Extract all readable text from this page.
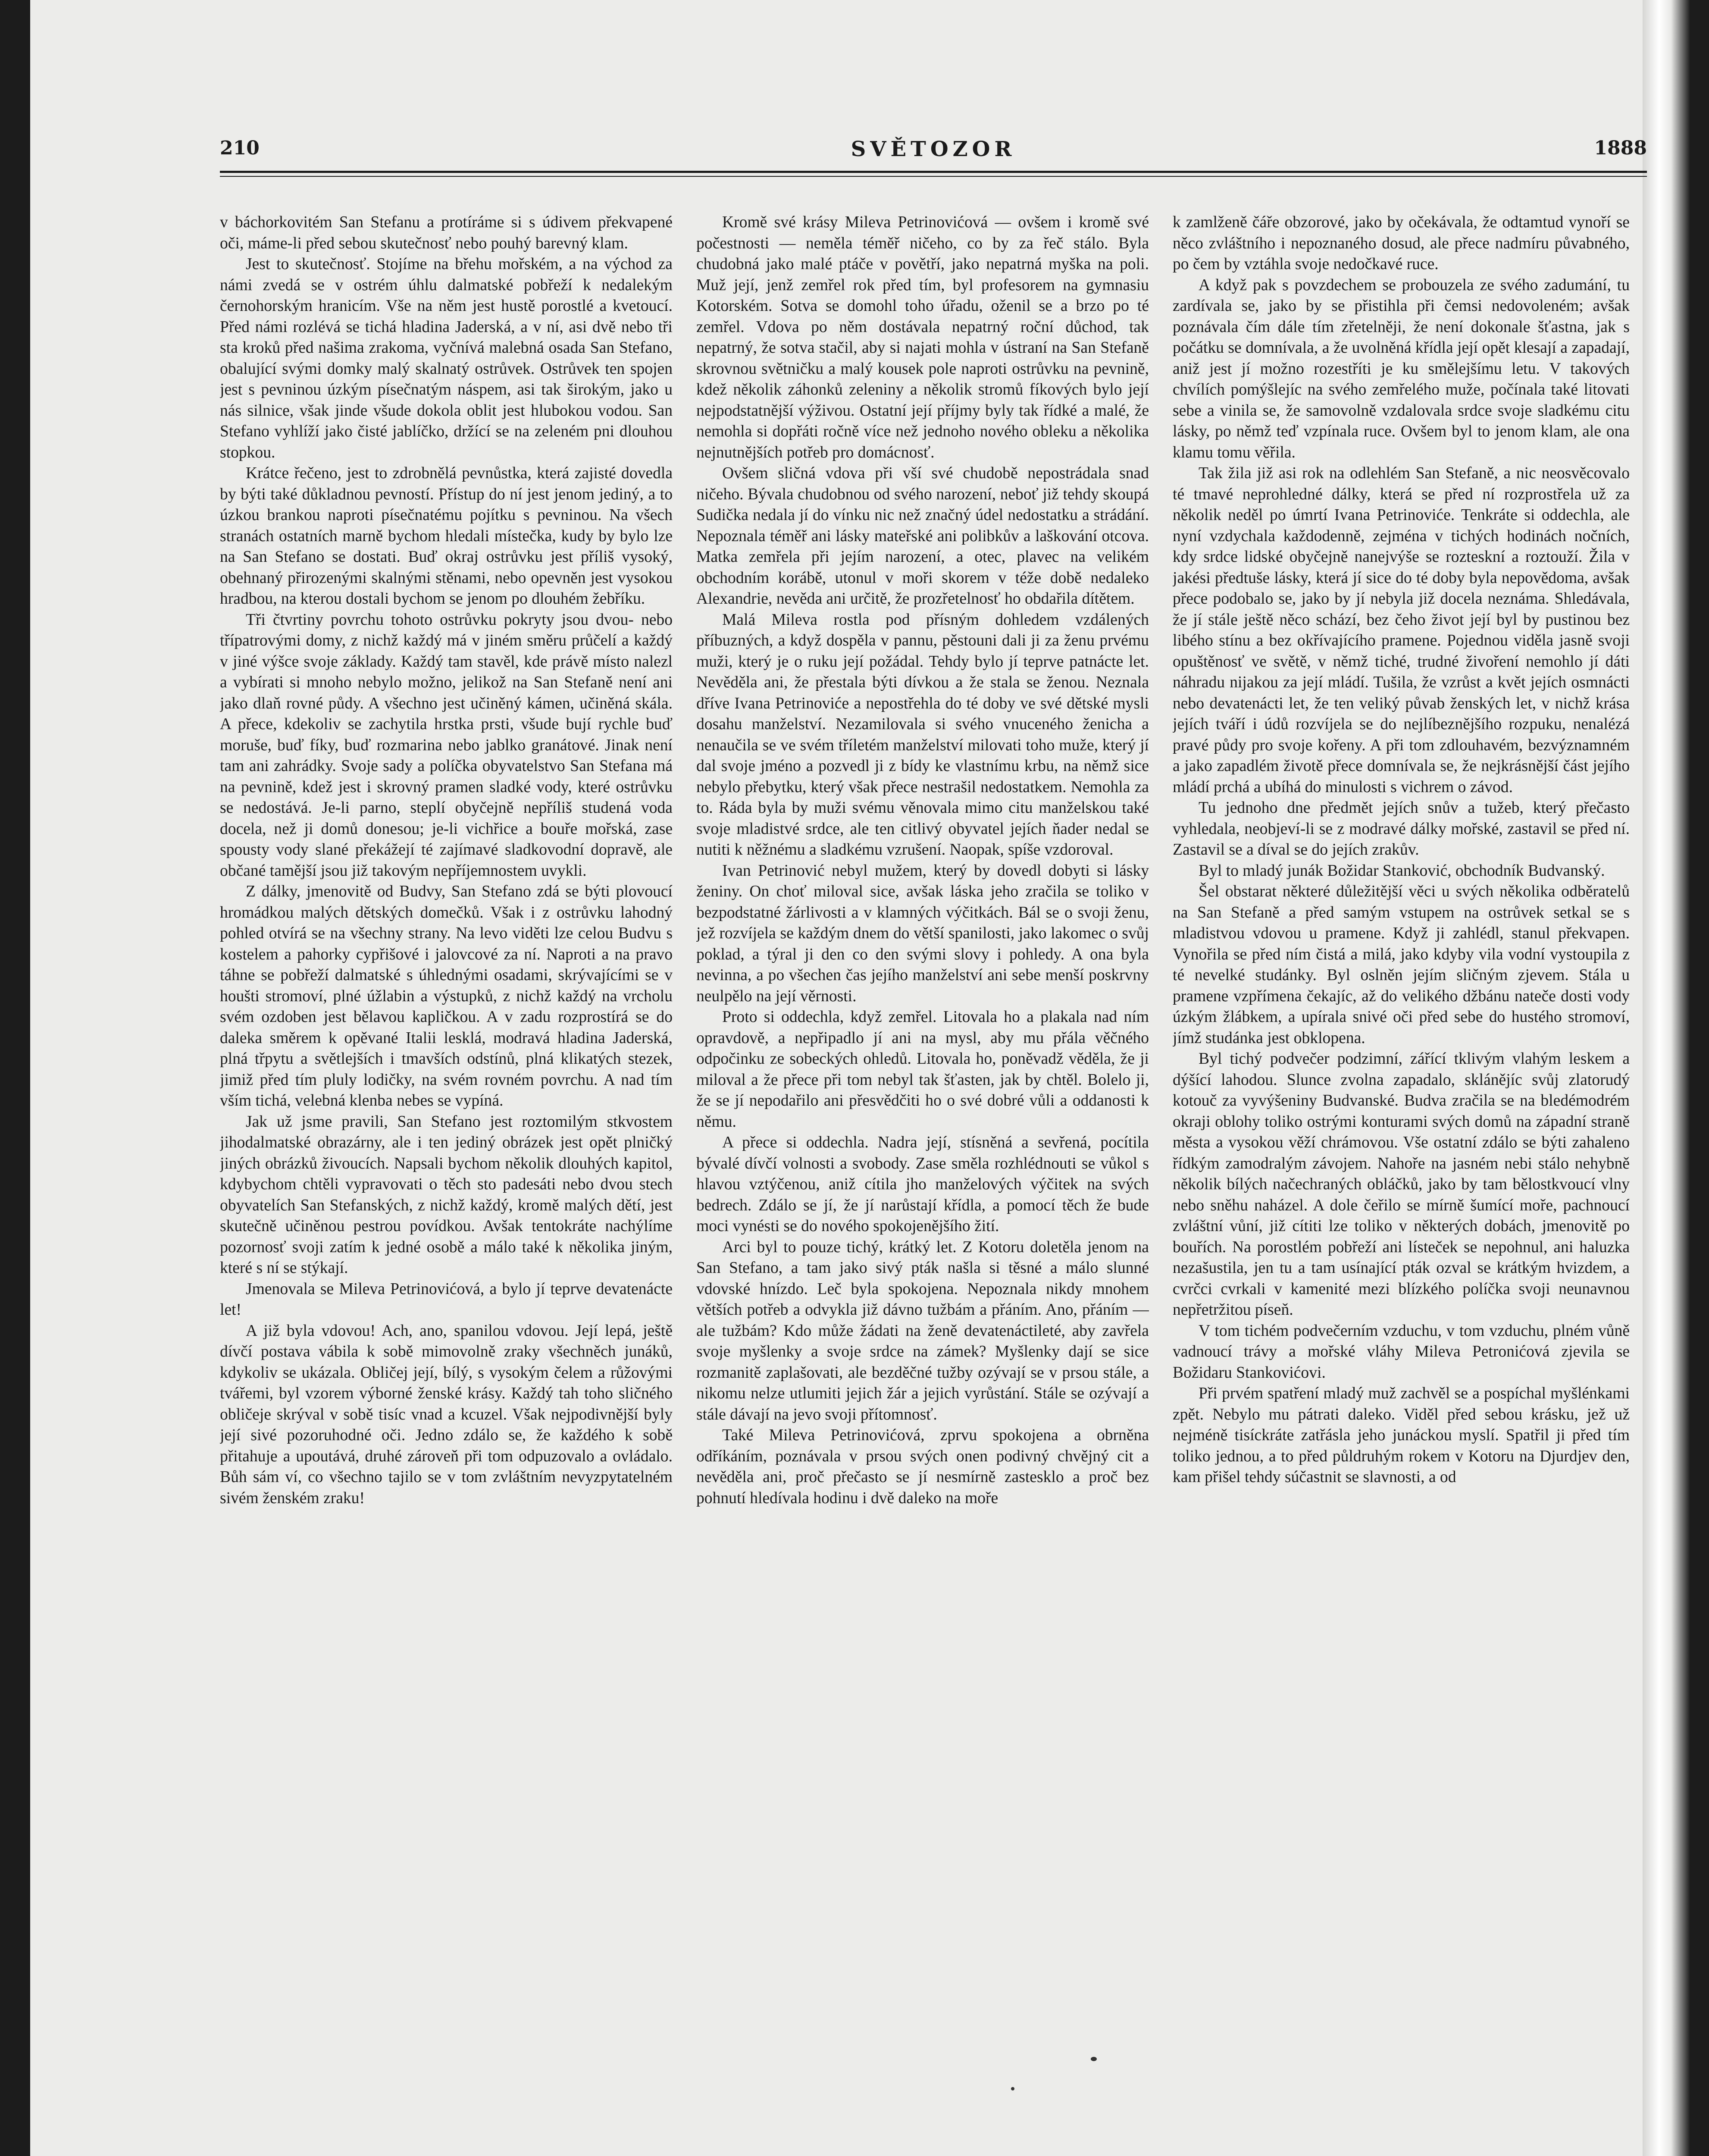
210	SVĚTOZOR	1888

v báchorkovitém San Stefanu a protíráme si s údivem překvapené oči, máme-li před sebou skutečnosť nebo pouhý barevný klam.

Jest to skutečnosť. Stojíme na břehu mořském, a na východ za námi zvedá se v ostrém úhlu dalmatské pobřeží k nedalekým černohorským hranicím. Vše na něm jest hustě porostlé a kvetoucí. Před námi rozlévá se tichá hladina Jaderská, a v ní, asi dvě nebo tři sta kroků před našima zrakoma, vyčnívá malebná osada San Stefano, obalující svými domky malý skalnatý ostrůvek. Ostrůvek ten spojen jest s pevninou úzkým písečnatým náspem, asi tak širokým, jako u nás silnice, však jinde všude dokola oblit jest hlubokou vodou. San Stefano vyhlíží jako čisté jablíčko, držící se na zeleném pni dlouhou stopkou.

Krátce řečeno, jest to zdrobnělá pevnůstka, která zajisté dovedla by býti také důkladnou pevností. Přístup do ní jest jenom jediný, a to úzkou brankou naproti písečnatému pojítku s pevninou. Na všech stranách ostatních marně bychom hledali místečka, kudy by bylo lze na San Stefano se dostati. Buď okraj ostrůvku jest příliš vysoký, obehnaný přirozenými skalnými stěnami, nebo opevněn jest vysokou hradbou, na kterou dostali bychom se jenom po dlouhém žebříku.

Tři čtvrtiny povrchu tohoto ostrůvku pokryty jsou dvou- nebo třípatrovými domy, z nichž každý má v jiném směru průčelí a každý v jiné výšce svoje základy. Každý tam stavěl, kde právě místo nalezl a vybírati si mnoho nebylo možno, jelikož na San Stefaně není ani jako dlaň rovné půdy. A všechno jest učiněný kámen, učiněná skála. A přece, kdekoliv se zachytila hrstka prsti, všude bují rychle buď moruše, buď fíky, buď rozmarina nebo jablko granátové. Jinak není tam ani zahrádky. Svoje sady a políčka obyvatelstvo San Stefana má na pevnině, kdež jest i skrovný pramen sladké vody, které ostrůvku se nedostává. Je-li parno, steplí obyčejně nepříliš studená voda docela, než ji domů donesou; je-li vichřice a bouře mořská, zase spousty vody slané překážejí té zajímavé sladkovodní dopravě, ale občané tamější jsou již takovým nepříjemnostem uvykli.

Z dálky, jmenovitě od Budvy, San Stefano zdá se býti plovoucí hromádkou malých dětských domečků. Však i z ostrůvku lahodný pohled otvírá se na všechny strany. Na levo viděti lze celou Budvu s kostelem a pahorky cypřišové i jalovcové za ní. Naproti a na pravo táhne se pobřeží dalmatské s úhlednými osadami, skrývajícími se v houšti stromoví, plné úžlabin a výstupků, z nichž každý na vrcholu svém ozdoben jest bělavou kapličkou. A v zadu rozprostírá se do daleka směrem k opěvané Italii lesklá, modravá hladina Jaderská, plná třpytu a světlejších i tmavších odstínů, plná klikatých stezek, jimiž před tím pluly lodičky, na svém rovném povrchu. A nad tím vším tichá, velebná klenba nebes se vypíná.

Jak už jsme pravili, San Stefano jest roztomilým stkvostem jihodalmatské obrazárny, ale i ten jediný obrázek jest opět plničký jiných obrázků živoucích. Napsali bychom několik dlouhých kapitol, kdybychom chtěli vypravovati o těch sto padesáti nebo dvou stech obyvatelích San Stefanských, z nichž každý, kromě malých dětí, jest skutečně učiněnou pestrou povídkou. Avšak tentokráte nachýlíme pozornosť svoji zatím k jedné osobě a málo také k několika jiným, které s ní se stýkají.

Jmenovala se Mileva Petrinovićová, a bylo jí teprve devatenácte let!

A již byla vdovou! Ach, ano, spanilou vdovou. Její lepá, ještě dívčí postava vábila k sobě mimovolně zraky všechněch junáků, kdykoliv se ukázala. Obličej její, bílý, s vysokým čelem a růžovými tvářemi, byl vzorem výborné ženské krásy. Každý tah toho sličného obličeje skrýval v sobě tisíc vnad a kcuzel. Však nejpodivnější byly její sivé pozoruhodné oči. Jedno zdálo se, že každého k sobě přitahuje a upoutává, druhé zároveň při tom odpuzovalo a ovládalo. Bůh sám ví, co všechno tajilo se v tom zvláštním nevyzpytatelném sivém ženském zraku!

Kromě své krásy Mileva Petrinovićová — ovšem i kromě své počestnosti — neměla téměř ničeho, co by za řeč stálo. Byla chudobná jako malé ptáče v povětří, jako nepatrná myška na poli. Muž její, jenž zemřel rok před tím, byl profesorem na gymnasiu Kotorském. Sotva se domohl toho úřadu, oženil se a brzo po té zemřel. Vdova po něm dostávala nepatrný roční důchod, tak nepatrný, že sotva stačil, aby si najati mohla v ústraní na San Stefaně skrovnou světničku a malý kousek pole naproti ostrůvku na pevnině, kdež několik záhonků zeleniny a několik stromů fíkových bylo její nejpodstatnější výživou. Ostatní její příjmy byly tak řídké a malé, že nemohla si dopřáti ročně více než jednoho nového obleku a několika nejnutnějších potřeb pro domácnosť.

Ovšem sličná vdova při vší své chudobě nepostrádala snad ničeho. Bývala chudobnou od svého narození, neboť již tehdy skoupá Sudička nedala jí do vínku nic než značný údel nedostatku a strádání. Nepoznala téměř ani lásky mateřské ani polibkův a laškování otcova. Matka zemřela při jejím narození, a otec, plavec na velikém obchodním korábě, utonul v moři skorem v téže době nedaleko Alexandrie, nevěda ani určitě, že prozřetelnosť ho obdařila dítětem.

Malá Mileva rostla pod přísným dohledem vzdálených příbuzných, a když dospěla v pannu, pěstouni dali ji za ženu prvému muži, který je o ruku její požádal. Tehdy bylo jí teprve patnácte let. Nevěděla ani, že přestala býti dívkou a že stala se ženou. Neznala dříve Ivana Petrinoviće a nepostřehla do té doby ve své dětské mysli dosahu manželství. Nezamilovala si svého vnuceného ženicha a nenaučila se ve svém tříletém manželství milovati toho muže, který jí dal svoje jméno a pozvedl ji z bídy ke vlastnímu krbu, na němž sice nebylo přebytku, který však přece nestrašil nedostatkem. Nemohla za to. Ráda byla by muži svému věnovala mimo citu manželskou také svoje mladistvé srdce, ale ten citlivý obyvatel jejích ňader nedal se nutiti k něžnému a sladkému vzrušení. Naopak, spíše vzdoroval.

Ivan Petrinović nebyl mužem, který by dovedl dobyti si lásky ženiny. On choť miloval sice, avšak láska jeho zračila se toliko v bezpodstatné žárlivosti a v klamných výčitkách. Bál se o svoji ženu, jež rozvíjela se každým dnem do větší spanilosti, jako lakomec o svůj poklad, a týral ji den co den svými slovy i pohledy. A ona byla nevinna, a po všechen čas jejího manželství ani sebe menší poskrvny neulpělo na její věrnosti.

Proto si oddechla, když zemřel. Litovala ho a plakala nad ním opravdově, a nepřipadlo jí ani na mysl, aby mu přála věčného odpočinku ze sobeckých ohledů. Litovala ho, poněvadž věděla, že ji miloval a že přece při tom nebyl tak šťasten, jak by chtěl. Bolelo ji, že se jí nepodařilo ani přesvědčiti ho o své dobré vůli a oddanosti k němu.

A přece si oddechla. Nadra její, stísněná a sevřená, pocítila bývalé dívčí volnosti a svobody. Zase směla rozhlédnouti se vůkol s hlavou vztýčenou, aniž cítila jho manželových výčitek na svých bedrech. Zdálo se jí, že jí narůstají křídla, a pomocí těch že bude moci vynésti se do nového spokojenějšího žití.

Arci byl to pouze tichý, krátký let. Z Kotoru doletěla jenom na San Stefano, a tam jako sivý pták našla si těsné a málo slunné vdovské hnízdo. Leč byla spokojena. Nepoznala nikdy mnohem větších potřeb a odvykla již dávno tužbám a přáním. Ano, přáním — ale tužbám? Kdo může žádati na ženě devatenáctileté, aby zavřela svoje myšlenky a svoje srdce na zámek? Myšlenky dají se sice rozmanitě zaplašovati, ale bezděčné tužby ozývají se v prsou stále, a nikomu nelze utlumiti jejich žár a jejich vyrůstání. Stále se ozývají a stále dávají na jevo svoji přítomnosť.

Také Mileva Petrinovićová, zprvu spokojena a obrněna odříkáním, poznávala v prsou svých onen podivný chvějný cit a nevěděla ani, proč přečasto se jí nesmírně zastesklo a proč bez pohnutí hledívala hodinu i dvě daleko na moře

k zamlženě čáře obzorové, jako by očekávala, že odtamtud vynoří se něco zvláštního i nepoznaného dosud, ale přece nadmíru půvabného, po čem by vztáhla svoje nedočkavé ruce.

A když pak s povzdechem se probouzela ze svého zadumání, tu zardívala se, jako by se přistihla při čemsi nedovoleném; avšak poznávala čím dále tím zřetelněji, že není dokonale šťastna, jak s počátku se domnívala, a že uvolněná křídla její opět klesají a zapadají, aniž jest jí možno rozestříti je ku smělejšímu letu. V takových chvílích pomýšlejíc na svého zemřelého muže, počínala také litovati sebe a vinila se, že samovolně vzdalovala srdce svoje sladkému citu lásky, po němž teď vzpínala ruce. Ovšem byl to jenom klam, ale ona klamu tomu věřila.

Tak žila již asi rok na odlehlém San Stefaně, a nic neosvěcovalo té tmavé neprohledné dálky, která se před ní rozprostřela už za několik neděl po úmrtí Ivana Petrinoviće. Tenkráte si oddechla, ale nyní vzdychala každodenně, zejména v tichých hodinách nočních, kdy srdce lidské obyčejně nanejvýše se rozteskní a roztouží. Žila v jakési předtuše lásky, která jí sice do té doby byla nepovědoma, avšak přece podobalo se, jako by jí nebyla již docela neznáma. Shledávala, že jí stále ještě něco schází, bez čeho život její byl by pustinou bez libého stínu a bez okřívajícího pramene. Pojednou viděla jasně svoji opuštěnosť ve světě, v němž tiché, trudné živoření nemohlo jí dáti náhradu nijakou za její mládí. Tušila, že vzrůst a květ jejích osmnácti nebo devatenácti let, že ten veliký půvab ženských let, v nichž krása jejích tváří i údů rozvíjela se do nejlíbeznějšího rozpuku, nenalézá pravé půdy pro svoje kořeny. A při tom zdlouhavém, bezvýznamném a jako zapadlém životě přece domnívala se, že nejkrásnější část jejího mládí prchá a ubíhá do minulosti s vichrem o závod.

Tu jednoho dne předmět jejích snův a tužeb, který přečasto vyhledala, neobjeví-li se z modravé dálky mořské, zastavil se před ní. Zastavil se a díval se do jejích zrakův.

Byl to mladý junák Božidar Stanković, obchodník Budvanský.

Šel obstarat některé důležitější věci u svých několika odběratelů na San Stefaně a před samým vstupem na ostrůvek setkal se s mladistvou vdovou u pramene. Když ji zahlédl, stanul překvapen. Vynořila se před ním čistá a milá, jako kdyby vila vodní vystoupila z té nevelké studánky. Byl oslněn jejím sličným zjevem. Stála u pramene vzpřímena čekajíc, až do velikého džbánu nateče dosti vody úzkým žlábkem, a upírala snivé oči před sebe do hustého stromoví, jímž studánka jest obklopena.

Byl tichý podvečer podzimní, zářící tklivým vlahým leskem a dýšící lahodou. Slunce zvolna zapadalo, sklánějíc svůj zlatorudý kotouč za vyvýšeniny Budvanské. Budva zračila se na bledémodrém okraji oblohy toliko ostrými konturami svých domů na západní straně města a vysokou věží chrámovou. Vše ostatní zdálo se býti zahaleno řídkým zamodralým závojem. Nahoře na jasném nebi stálo nehybně několik bílých načechraných obláčků, jako by tam bělostkvoucí vlny nebo sněhu naházel. A dole čeřilo se mírně šumící moře, pachnoucí zvláštní vůní, již cítiti lze toliko v některých dobách, jmenovitě po bouřích. Na porostlém pobřeží ani lísteček se nepohnul, ani haluzka nezašustila, jen tu a tam usínající pták ozval se krátkým hvizdem, a cvrčci cvrkali v kamenité mezi blízkého políčka svoji neunavnou nepřetržitou píseň.

V tom tichém podvečerním vzduchu, v tom vzduchu, plném vůně vadnoucí trávy a mořské vláhy Mileva Petronićová zjevila se Božidaru Stankovićovi.

Při prvém spatření mladý muž zachvěl se a pospíchal myšlénkami zpět. Nebylo mu pátrati daleko. Viděl před sebou krásku, jež už nejméně tisíckráte zatřásla jeho junáckou myslí. Spatřil ji před tím toliko jednou, a to před půldruhým rokem v Kotoru na Djurdjev den, kam přišel tehdy súčastnit se slavnosti, a od
